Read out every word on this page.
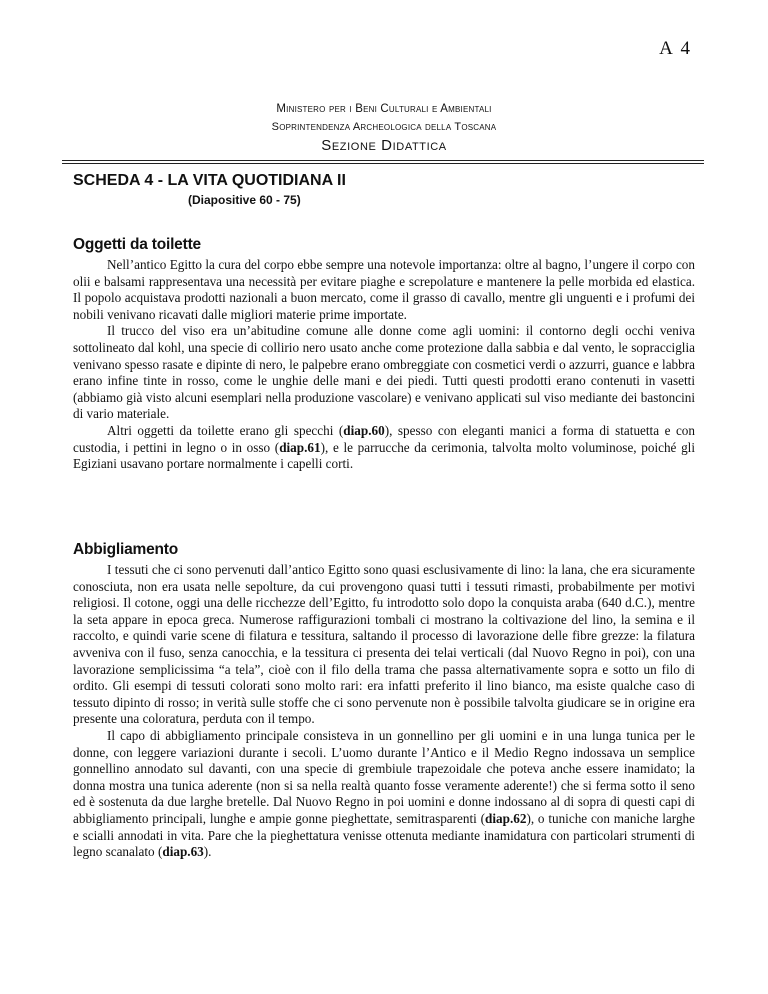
A 4
Ministero per i Beni Culturali e Ambientali
Soprintendenza Archeologica della Toscana
Sezione Didattica
SCHEDA 4 - LA VITA QUOTIDIANA II
(Diapositive 60 - 75)
Oggetti da toilette

Nell’antico Egitto la cura del corpo ebbe sempre una notevole importanza: oltre al bagno, l’ungere il corpo con olii e balsami rappresentava una necessità per evitare piaghe e screpolature e mantenere la pelle morbida ed elastica. Il popolo acquistava prodotti nazionali a buon mercato, come il grasso di cavallo, mentre gli unguenti e i profumi dei nobili venivano ricavati dalle migliori materie prime importate.

Il trucco del viso era un’abitudine comune alle donne come agli uomini: il contorno degli occhi veniva sottolineato dal kohl, una specie di collirio nero usato anche come protezione dalla sabbia e dal vento, le sopracciglia venivano spesso rasate e dipinte di nero, le palpebre erano ombreggiate con cosmetici verdi o azzurri, guance e labbra erano infine tinte in rosso, come le unghie delle mani e dei piedi. Tutti questi prodotti erano contenuti in vasetti (abbiamo già visto alcuni esemplari nella produzione vascolare) e venivano applicati sul viso mediante dei bastoncini di vario materiale.

Altri oggetti da toilette erano gli specchi (diap.60), spesso con eleganti manici a forma di statuetta e con custodia, i pettini in legno o in osso (diap.61), e le parrucche da cerimonia, talvolta molto voluminose, poiché gli Egiziani usavano portare normalmente i capelli corti.

Abbigliamento

I tessuti che ci sono pervenuti dall’antico Egitto sono quasi esclusivamente di lino: la lana, che era sicuramente conosciuta, non era usata nelle sepolture, da cui provengono quasi tutti i tessuti rimasti, probabilmente per motivi religiosi. Il cotone, oggi una delle ricchezze dell’Egitto, fu introdotto solo dopo la conquista araba (640 d.C.), mentre la seta appare in epoca greca. Numerose raffigurazioni tombali ci mostrano la coltivazione del lino, la semina e il raccolto, e quindi varie scene di filatura e tessitura, saltando il processo di lavorazione delle fibre grezze: la filatura avveniva con il fuso, senza canocchia, e la tessitura ci presenta dei telai verticali (dal Nuovo Regno in poi), con una lavorazione semplicissima “a tela”, cioè con il filo della trama che passa alternativamente sopra e sotto un filo di ordito. Gli esempi di tessuti colorati sono molto rari: era infatti preferito il lino bianco, ma esiste qualche caso di tessuto dipinto di rosso; in verità sulle stoffe che ci sono pervenute non è possibile talvolta giudicare se in origine era presente una coloratura, perduta con il tempo.

Il capo di abbigliamento principale consisteva in un gonnellino per gli uomini e in una lunga tunica per le donne, con leggere variazioni durante i secoli. L’uomo durante l’Antico e il Medio Regno indossava un semplice gonnellino annodato sul davanti, con una specie di grembiule trapezoidale che poteva anche essere inamidato; la donna mostra una tunica aderente (non si sa nella realtà quanto fosse veramente aderente!) che si ferma sotto il seno ed è sostenuta da due larghe bretelle. Dal Nuovo Regno in poi uomini e donne indossano al di sopra di questi capi di abbigliamento principali, lunghe e ampie gonne pieghettate, semitrasparenti (diap.62), o tuniche con maniche larghe e scialli annodati in vita. Pare che la pieghettatura venisse ottenuta mediante inamidatura con particolari strumenti di legno scanalato (diap.63).
